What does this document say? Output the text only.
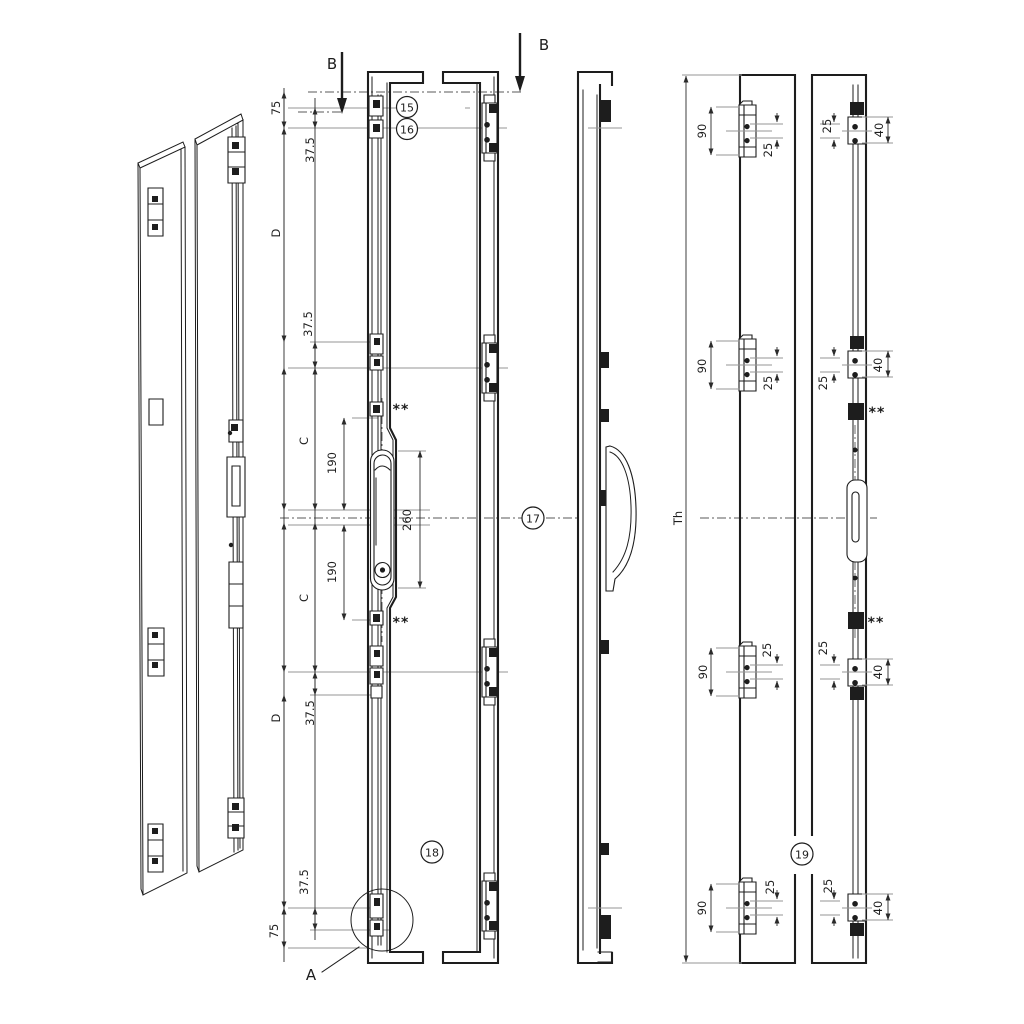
15
16
17
18	19
B
B
A
75
37.5
D
37.5
C
190
260
190
C
37.5
D
37.5
75
**
**
**
**
Th
90
25
25	40
90
25	25
40
90
25	25
40
90
25	25
40
